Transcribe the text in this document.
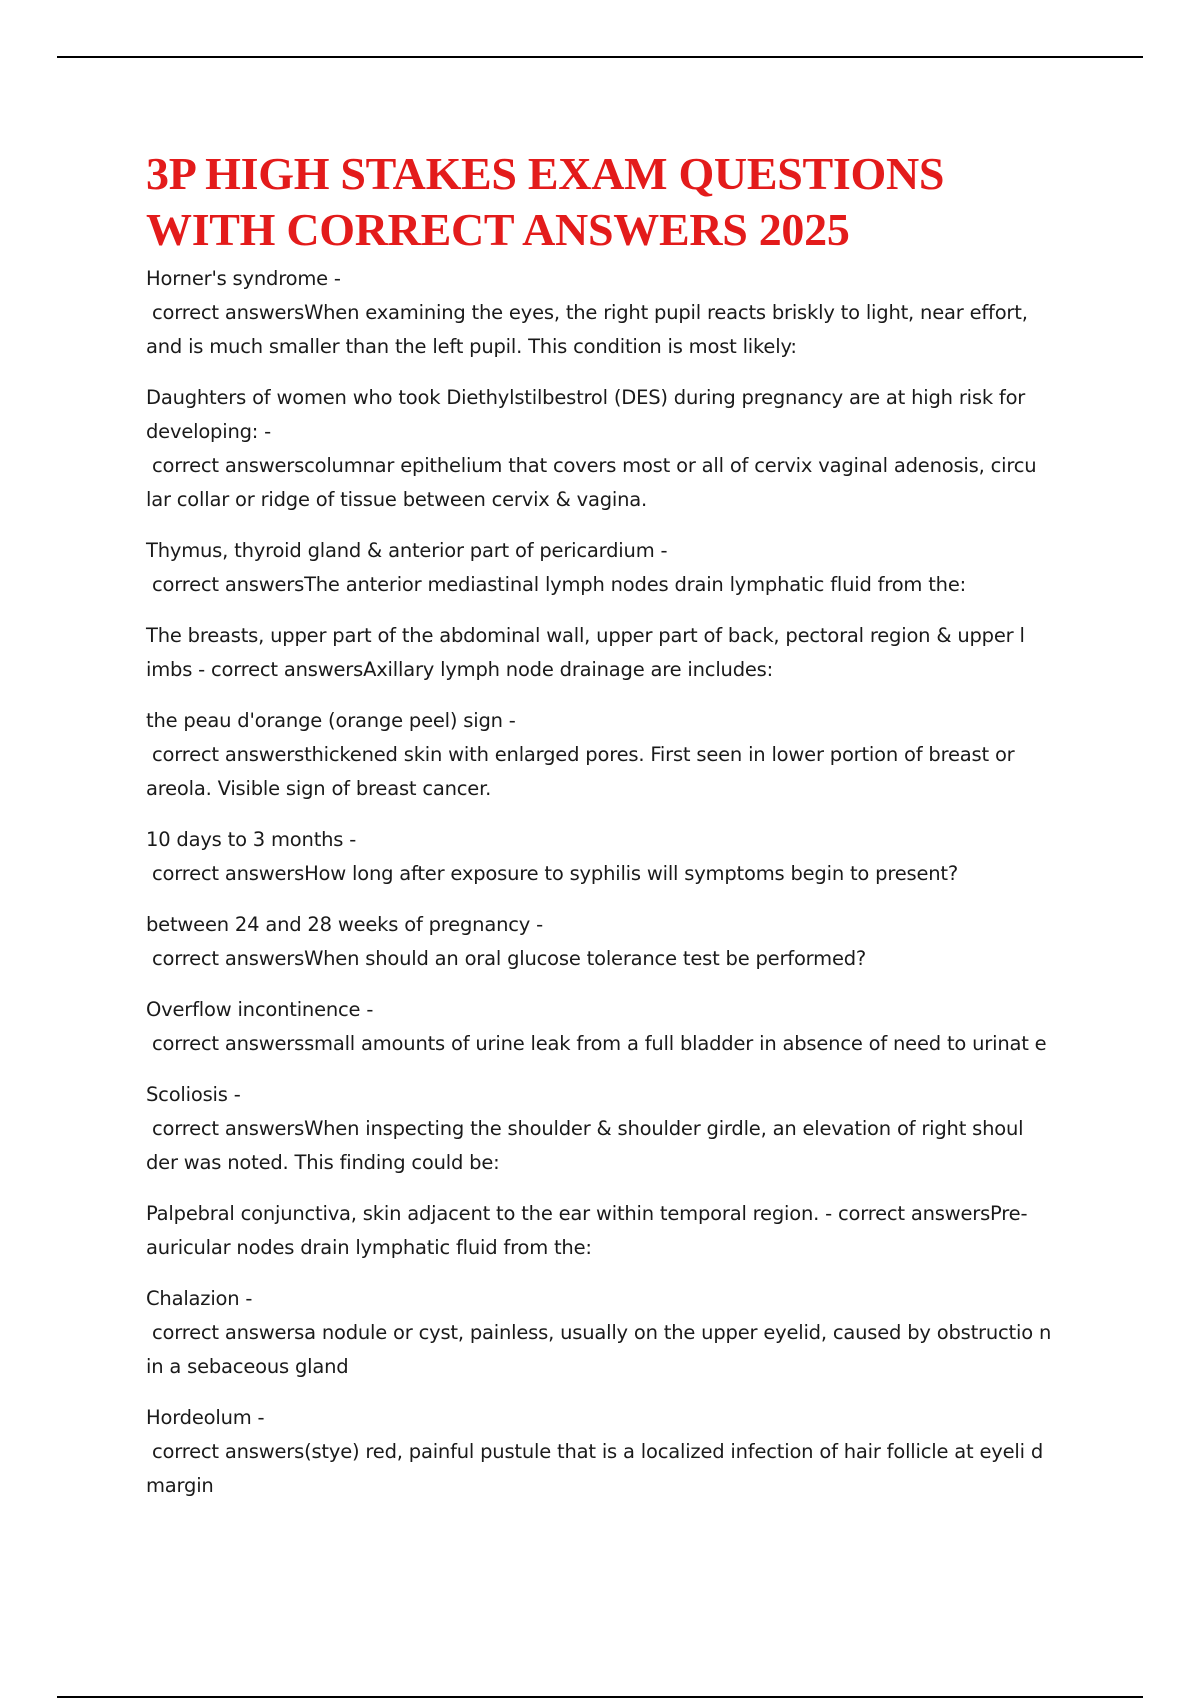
3P HIGH STAKES EXAM QUESTIONS
WITH CORRECT ANSWERS 2025
Horner's syndrome -
correct answersWhen examining the eyes, the right pupil reacts briskly to light, near effort, and is much smaller than the left pupil. This condition is most likely:
Daughters of women who took Diethylstilbestrol (DES) during pregnancy are at high risk for developing: -
correct answerscolumnar epithelium that covers most or all of cervix vaginal adenosis, circu lar collar or ridge of tissue between cervix & vagina.
Thymus, thyroid gland & anterior part of pericardium -
correct answersThe anterior mediastinal lymph nodes drain lymphatic fluid from the:
The breasts, upper part of the abdominal wall, upper part of back, pectoral region & upper l imbs - correct answersAxillary lymph node drainage are includes:
the peau d'orange (orange peel) sign -
correct answersthickened skin with enlarged pores. First seen in lower portion of breast or areola. Visible sign of breast cancer.
10 days to 3 months -
correct answersHow long after exposure to syphilis will symptoms begin to present?
between 24 and 28 weeks of pregnancy -
correct answersWhen should an oral glucose tolerance test be performed?
Overflow incontinence -
correct answerssmall amounts of urine leak from a full bladder in absence of need to urinat e
Scoliosis -
correct answersWhen inspecting the shoulder & shoulder girdle, an elevation of right shoul der was noted. This finding could be:
Palpebral conjunctiva, skin adjacent to the ear within temporal region. - correct answersPre-auricular nodes drain lymphatic fluid from the:
Chalazion -
correct answersa nodule or cyst, painless, usually on the upper eyelid, caused by obstructio n in a sebaceous gland
Hordeolum -
correct answers(stye) red, painful pustule that is a localized infection of hair follicle at eyeli d margin
